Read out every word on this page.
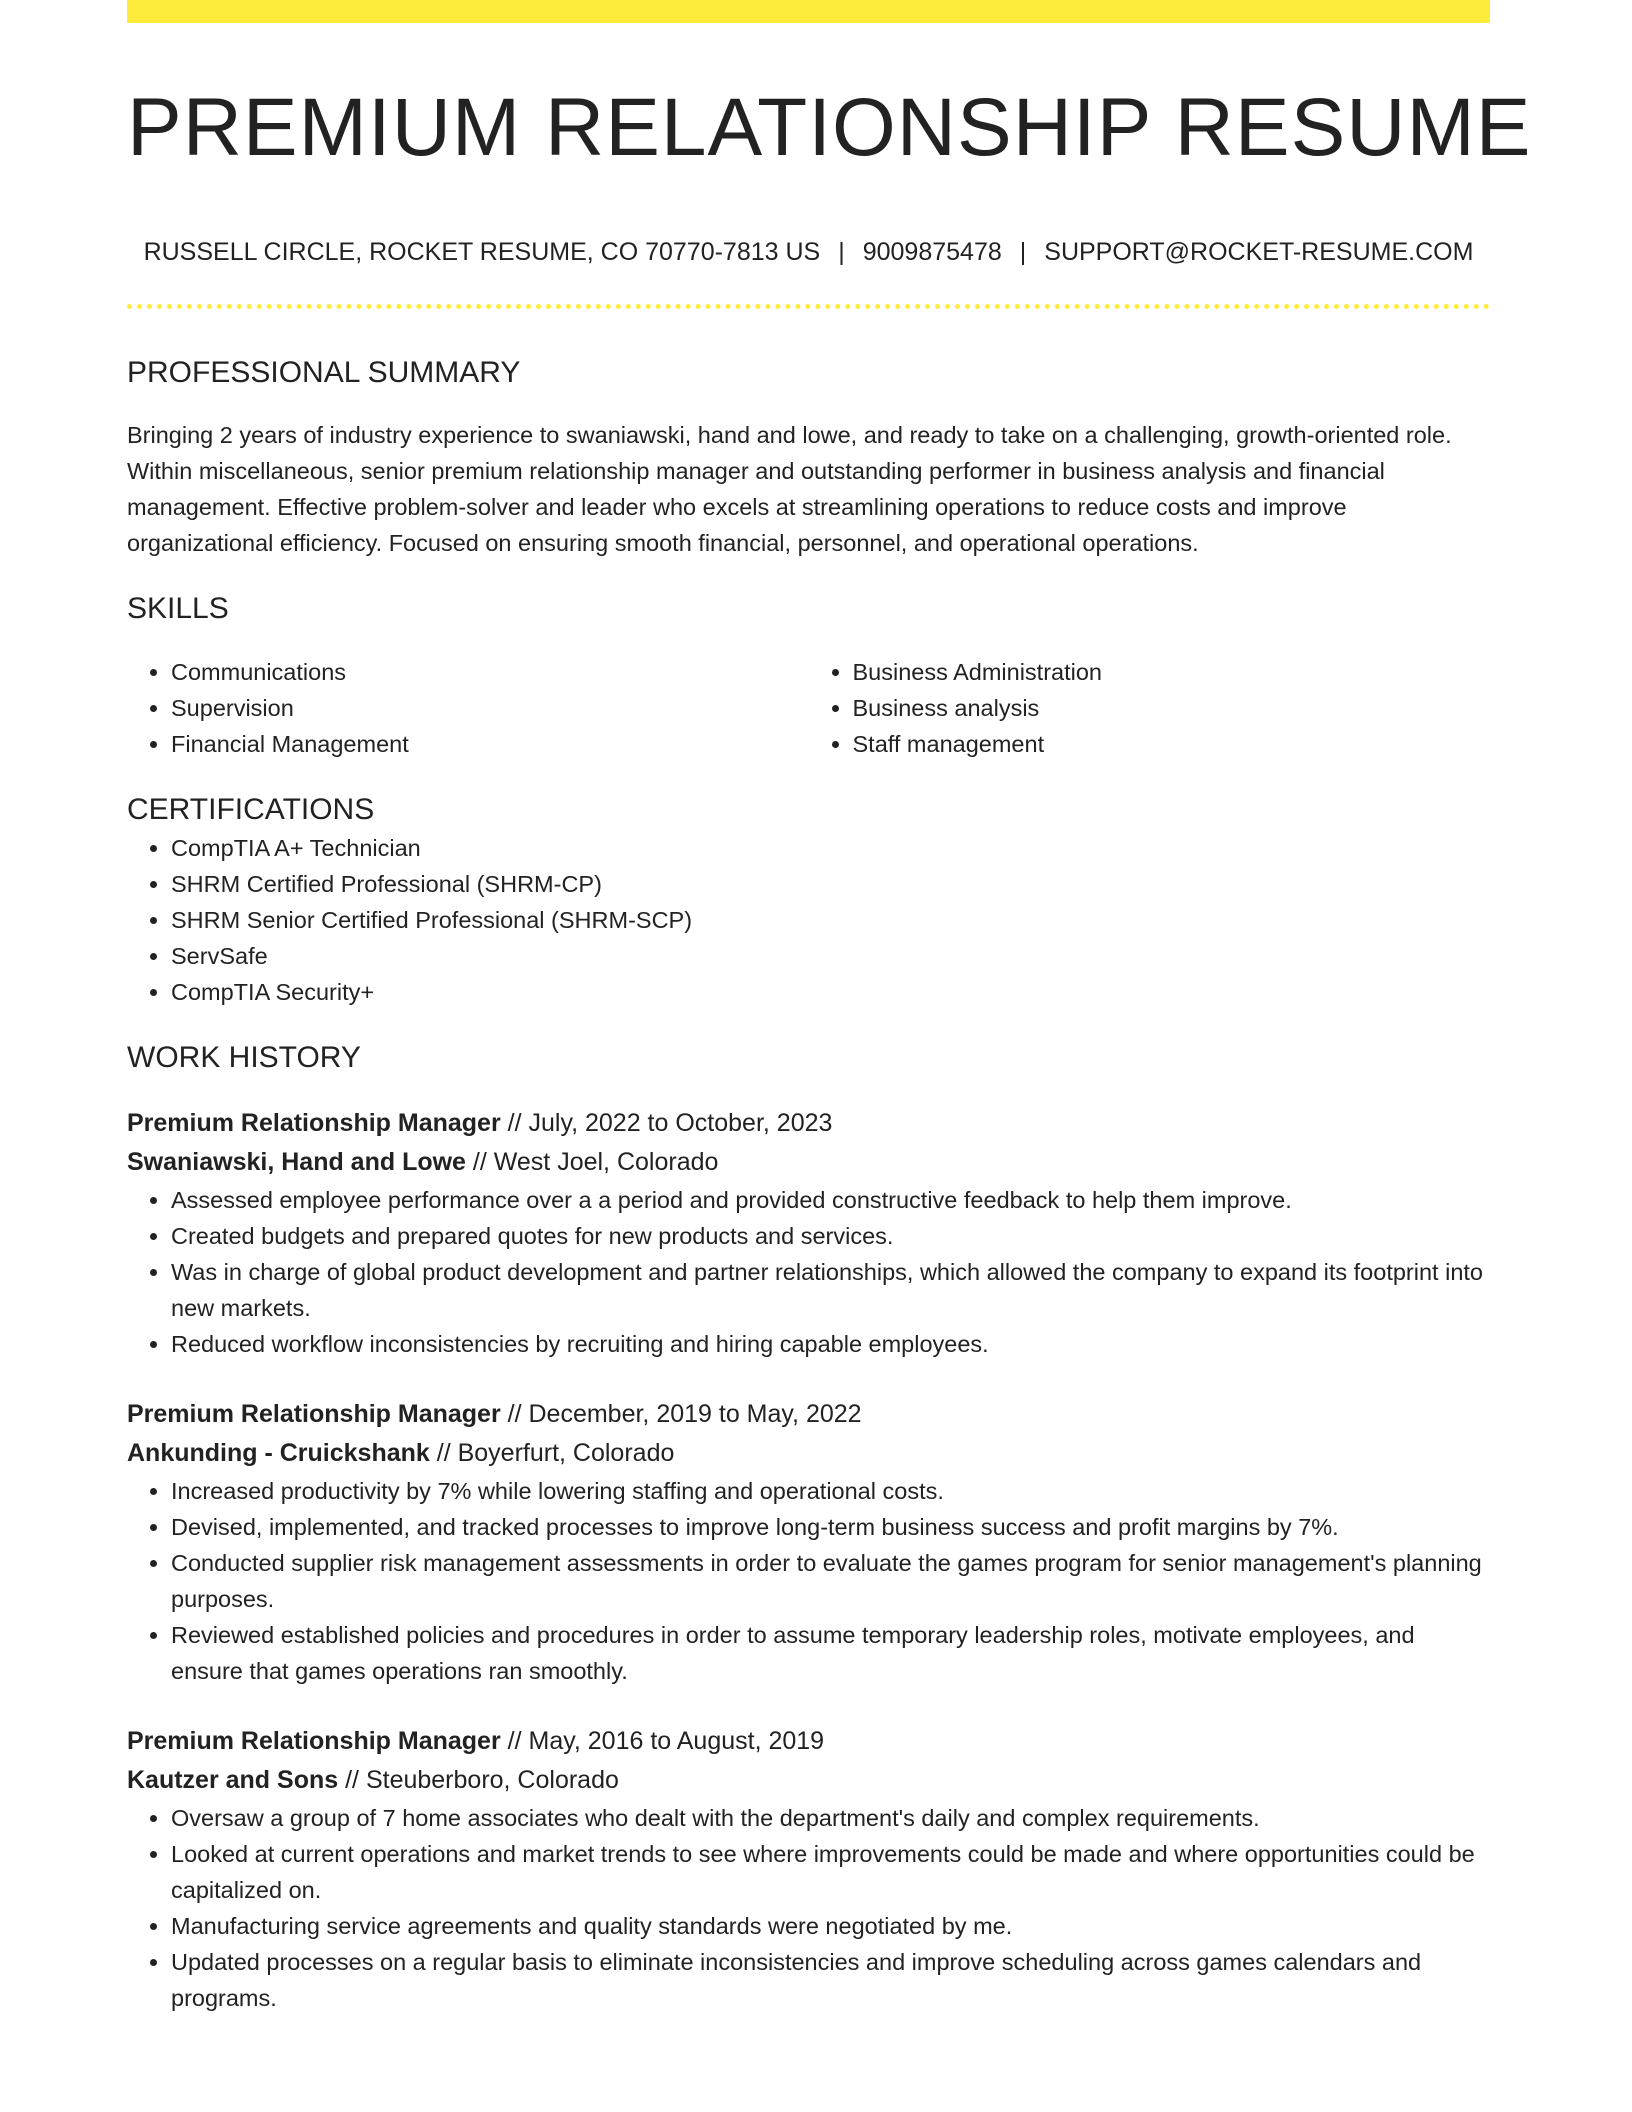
PREMIUM RELATIONSHIP RESUME
RUSSELL CIRCLE, ROCKET RESUME, CO 70770-7813 US | 9009875478 | SUPPORT@ROCKET-RESUME.COM
PROFESSIONAL SUMMARY

Bringing 2 years of industry experience to swaniawski, hand and lowe, and ready to take on a challenging, growth-oriented role. Within miscellaneous, senior premium relationship manager and outstanding performer in business analysis and financial management. Effective problem-solver and leader who excels at streamlining operations to reduce costs and improve organizational efficiency. Focused on ensuring smooth financial, personnel, and operational operations.

SKILLS
• Communications
• Supervision
• Financial Management
• Business Administration
• Business analysis
• Staff management
CERTIFICATIONS
• CompTIA A+ Technician
• SHRM Certified Professional (SHRM-CP)
• SHRM Senior Certified Professional (SHRM-SCP)
• ServSafe
• CompTIA Security+
WORK HISTORY
Premium Relationship Manager // July, 2022 to October, 2023
Swaniawski, Hand and Lowe // West Joel, Colorado
• Assessed employee performance over a a period and provided constructive feedback to help them improve.
• Created budgets and prepared quotes for new products and services.
• Was in charge of global product development and partner relationships, which allowed the company to expand its footprint into new markets.
• Reduced workflow inconsistencies by recruiting and hiring capable employees.
Premium Relationship Manager // December, 2019 to May, 2022
Ankunding - Cruickshank // Boyerfurt, Colorado
• Increased productivity by 7% while lowering staffing and operational costs.
• Devised, implemented, and tracked processes to improve long-term business success and profit margins by 7%.
• Conducted supplier risk management assessments in order to evaluate the games program for senior management's planning purposes.
• Reviewed established policies and procedures in order to assume temporary leadership roles, motivate employees, and ensure that games operations ran smoothly.
Premium Relationship Manager // May, 2016 to August, 2019
Kautzer and Sons // Steuberboro, Colorado
• Oversaw a group of 7 home associates who dealt with the department's daily and complex requirements.
• Looked at current operations and market trends to see where improvements could be made and where opportunities could be capitalized on.
• Manufacturing service agreements and quality standards were negotiated by me.
• Updated processes on a regular basis to eliminate inconsistencies and improve scheduling across games calendars and programs.
